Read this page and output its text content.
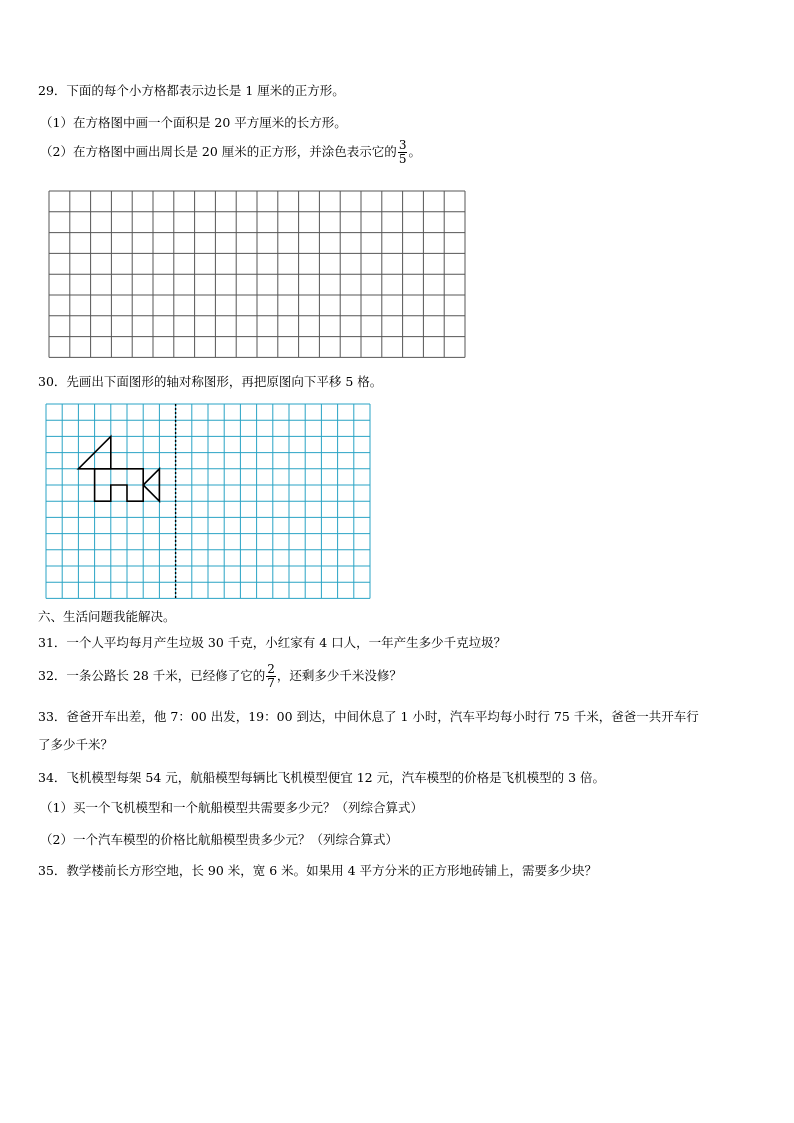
29．下面的每个小方格都表示边长是 1 厘米的正方形。
（1）在方格图中画一个面积是 20 平方厘米的长方形。
（2）在方格图中画出周长是 20 厘米的正方形，并涂色表示它的 $\frac{3}{5}$ 。
30．先画出下面图形的轴对称图形，再把原图向下平移 5 格。
六、生活问题我能解决。
31．一个人平均每月产生垃圾 30 千克，小红家有 4 口人，一年产生多少千克垃圾？
32．一条公路长 28 千米，已经修了它的 $\frac{2}{7}$ ，还剩多少千米没修？
33．爸爸开车出差，他 7：00 出发，19：00 到达，中间休息了 1 小时，汽车平均每小时行 75 千米，爸爸一共开车行
了多少千米？
34．飞机模型每架 54 元，航船模型每辆比飞机模型便宜 12 元，汽车模型的价格是飞机模型的 3 倍。
（1）买一个飞机模型和一个航船模型共需要多少元？（列综合算式）
（2）一个汽车模型的价格比航船模型贵多少元？（列综合算式）
35．教学楼前长方形空地，长 90 米，宽 6 米。如果用 4 平方分米的正方形地砖铺上，需要多少块？
